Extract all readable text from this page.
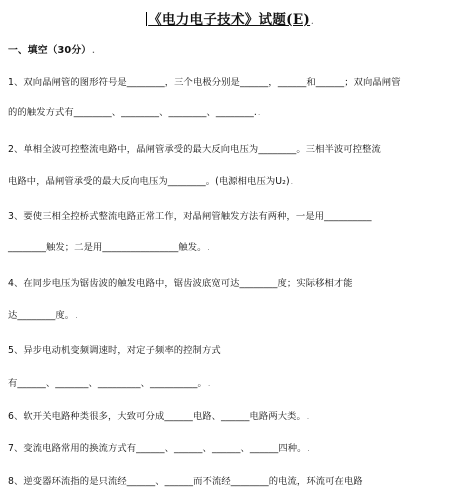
《电力电子技术》试题(E).
一、填空（30分）.
1、双向晶闸管的图形符号是________，三个电极分别是______，______和______；双向晶闸管
的的触发方式有________、________、________、________..
2、单相全波可控整流电路中，晶闸管承受的最大反向电压为________。三相半波可控整流
电路中，晶闸管承受的最大反向电压为________。(电源相电压为U₂).
3、要使三相全控桥式整流电路正常工作，对晶闸管触发方法有两种，一是用__________
________触发；二是用________________触发。.
4、在同步电压为锯齿波的触发电路中，锯齿波底宽可达________度；实际移相才能
达________度。.
5、异步电动机变频调速时，对定子频率的控制方式
有______、_______、_________、__________。.
6、软开关电路种类很多，大致可分成______电路、______电路两大类。.
7、变流电路常用的换流方式有______、______、______、______四种。.
8、逆变器环流指的是只流经______、______而不流经________的电流，环流可在电路
